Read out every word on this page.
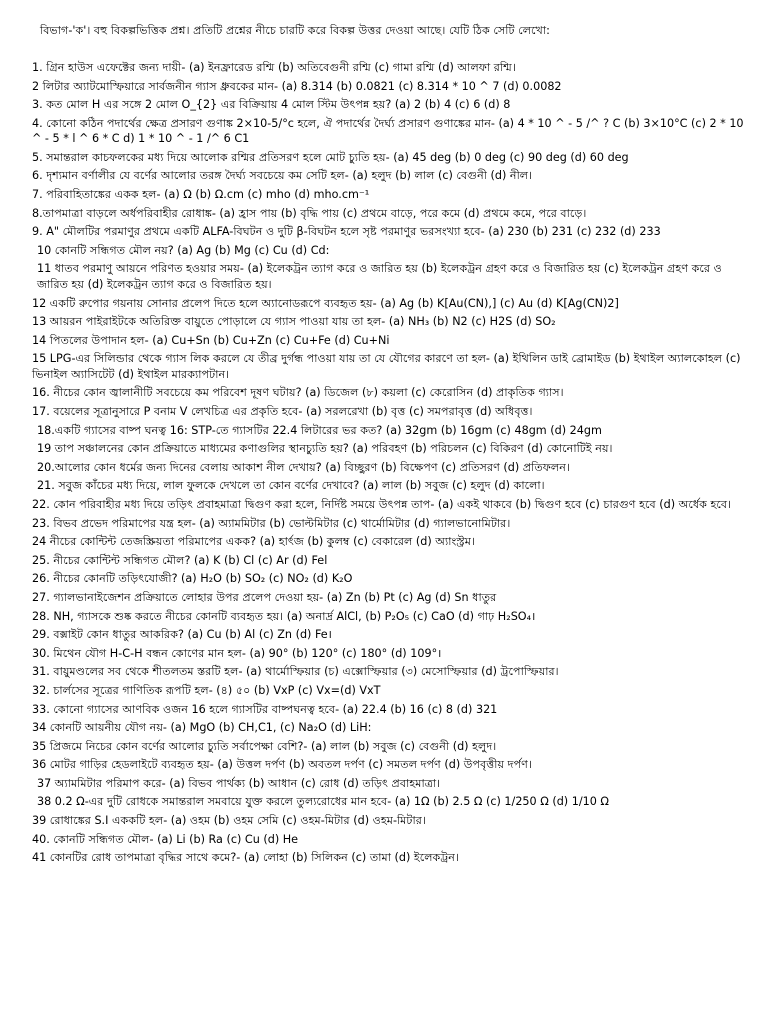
বিভাগ-'ক'। বহু বিকল্পভিত্তিক প্রশ্ন। প্রতিটি প্রশ্নের নীচে চারটি করে বিকল্প উত্তর দেওয়া আছে। যেটি ঠিক সেটি লেখো:
1. গ্রিন হাউস এফেক্টের জন্য দায়ী- (a) ইনফ্রারেড রশ্মি (b) অতিবেগুনী রশ্মি (c) গামা রশ্মি (d) আলফা রশ্মি।
2 লিটার অ্যাটমোস্ফিয়ারে সার্বজনীন গ্যাস ধ্রুবকের মান- (a) 8.314 (b) 0.0821 (c) 8.314 * 10 ^ 7 (d) 0.0082
3. কত মোল H এর সঙ্গে 2 মোল O_{2} এর বিক্রিয়ায় 4 মোল স্টিম উৎপন্ন হয়? (a) 2 (b) 4 (c) 6 (d) 8
4. কোনো কঠিন পদার্থের ক্ষেত্র প্রসারণ গুণাঙ্ক 2×10-5/°c হলে, ঐ পদার্থের দৈর্ঘ্য প্রসারণ গুণাঙ্কের মান- (a) 4 * 10 ^ - 5 /^ ? C (b) 3×10°C (c) 2 * 10 ^ - 5 * l ^ 6 * C d) 1 * 10 ^ - 1 /^ 6 C1
5. সমান্তরাল কাচফলকের মধ্য দিয়ে আলোক রশ্মির প্রতিসরণ হলে মোট চ্যুতি হয়- (a) 45 deg (b) 0 deg (c) 90 deg (d) 60 deg
6. দৃশ্যমান বর্ণালীর যে বর্ণের আলোর তরঙ্গ দৈর্ঘ্য সবচেয়ে কম সেটি হল- (a) হলুদ (b) লাল (c) বেগুনী (d) নীল।
7. পরিবাহিতাঙ্কের একক হল- (a) Ω (b) Ω.cm (c) mho (d) mho.cm⁻¹
8.তাপমাত্রা বাড়লে অর্ধপরিবাহীর রোধাঙ্ক- (a) হ্রাস পায় (b) বৃদ্ধি পায় (c) প্রথমে বাড়ে, পরে কমে (d) প্রথমে কমে, পরে বাড়ে।
9. A" মৌলটির পরমাণুর প্রথমে একটি ALFA-বিঘটন ও দুটি β-বিঘটন হলে সৃষ্ট পরমাণুর ভরসংখ্যা হবে- (a) 230 (b) 231 (c) 232 (d) 233
10 কোনটি সন্ধিগত মৌল নয়? (a) Ag (b) Mg (c) Cu (d) Cd:
11 ধাতব পরমাণু আয়নে পরিণত হওয়ার সময়- (a) ইলেকট্রন ত্যাগ করে ও জারিত হয় (b) ইলেকট্রন গ্রহণ করে ও বিজারিত হয় (c) ইলেকট্রন গ্রহণ করে ও জারিত হয় (d) ইলেকট্রন ত্যাগ করে ও বিজারিত হয়।
12 একটি রুপোর গয়নায় সোনার প্রলেপ দিতে হলে অ্যানোডরূপে ব্যবহৃত হয়- (a) Ag (b) K[Au(CN),] (c) Au (d) K[Ag(CN)2]
13 আয়রন পাইরাইটকে অতিরিক্ত বায়ুতে পোড়ালে যে গ্যাস পাওয়া যায় তা হল- (a) NH₃ (b) N2 (c) H2S (d) SO₂
14 পিতলের উপাদান হল- (a) Cu+Sn (b) Cu+Zn (c) Cu+Fe (d) Cu+Ni
15 LPG-এর সিলিন্ডার থেকে গ্যাস লিক করলে যে তীব্র দুর্গন্ধ পাওয়া যায় তা যে যৌগের কারণে তা হল- (a) ইথিলিন ডাই ব্রোমাইড (b) ইথাইল অ্যালকোহল (c) ভিনাইল অ্যাসিটেট (d) ইথাইল মারক্যাপটান।
16. নীচের কোন জ্বালানীটি সবচেয়ে কম পরিবেশ দূষণ ঘটায়? (a) ডিজেল (৮) কয়লা (c) কেরোসিন (d) প্রাকৃতিক গ্যাস।
17. বয়েলের সূত্রানুসারে P বনাম V লেখচিত্র এর প্রকৃতি হবে- (a) সরলরেখা (b) বৃত্ত (c) সমপরাবৃত্ত (d) অধিবৃত্ত।
18.একটি গ্যাসের বাষ্প ঘনত্ব 16: STP-তে গ্যাসটির 22.4 লিটারের ভর কত? (a) 32gm (b) 16gm (c) 48gm (d) 24gm
19 তাপ সঞ্চালনের কোন প্রক্রিয়াতে মাধ্যমের কণাগুলির স্থানচ্যুতি হয়? (a) পরিবহণ (b) পরিচলন (c) বিকিরণ (d) কোনোটিই নয়।
20.আলোর কোন ধর্মের জন্য দিনের বেলায় আকাশ নীল দেখায়? (a) বিচ্ছুরণ (b) বিক্ষেপণ (c) প্রতিসরণ (d) প্রতিফলন।
21. সবুজ কাঁচের মধ্য দিয়ে, লাল ফুলকে দেখলে তা কোন বর্ণের দেখাবে? (a) লাল (b) সবুজ (c) হলুদ (d) কালো।
22. কোন পরিবাহীর মধ্য দিয়ে তড়িৎ প্রবাহমাত্রা দ্বিগুণ করা হলে, নির্দিষ্ট সময়ে উৎপন্ন তাপ- (a) একই থাকবে (b) দ্বিগুণ হবে (c) চারগুণ হবে (d) অর্ধেক হবে।
23. বিভব প্রভেদ পরিমাপের যন্ত্র হল- (a) অ্যামমিটার (b) ভোল্টমিটার (c) থার্মোমিটার (d) গ্যালভানোমিটার।
24 নীচের কোন্টিন্ট তেজস্ক্রিয়তা পরিমাপের একক? (a) হার্ৎজ (b) কুলম্ব (c) বেকারেল (d) অ্যাংস্ট্রম।
25. নীচের কোন্টিন্ট সন্ধিগত মৌল? (a) K (b) Cl (c) Ar (d) Fel
26. নীচের কোনটি তড়িৎযোজী? (a) H₂O (b) SO₂ (c) NO₂ (d) K₂O
27. গ্যালভানাইজেশন প্রক্রিয়াতে লোহার উপর প্রলেপ দেওয়া হয়- (a) Zn (b) Pt (c) Ag (d) Sn ধাতুর
28. NH, গ্যাসকে শুষ্ক করতে নীচের কোনটি ব্যবহৃত হয়। (a) অনার্দ্র AlCl, (b) P₂O₅ (c) CaO (d) গাঢ় H₂SO₄।
29. বক্সাইট কোন ধাতুর আকরিক? (a) Cu (b) Al (c) Zn (d) Fe।
30. মিথেন যৌগ H-C-H বন্ধন কোণের মান হল- (a) 90° (b) 120° (c) 180° (d) 109°।
31. বায়ুমণ্ডলের সব থেকে শীতলতম স্তরটি হল- (a) থার্মোস্ফিয়ার (চ) এক্সোস্ফিয়ার (৩) মেসোস্ফিয়ার (d) ট্রপোস্ফিয়ার।
32. চার্লসের সূত্রের গাণিতিক রূপটি হল- (৪) ৫০ (b) VxP (c) Vx=(d) VxT
33. কোনো গ্যাসের আণবিক ওজন 16 হলে গ্যাসটির বাষ্পঘনত্ব হবে- (a) 22.4 (b) 16 (c) 8 (d) 321
34 কোনটি আয়নীয় যৌগ নয়- (a) MgO (b) CH,C1, (c) Na₂O (d) LiH:
35 প্রিজমে নিচের কোন বর্ণের আলোর চ্যুতি সর্বাপেক্ষা বেশি?- (a) লাল (b) সবুজ (c) বেগুনী (d) হলুদ।
36 মোটর গাড়ির হেডলাইটে ব্যবহৃত হয়- (a) উত্তল দর্পণ (b) অবতল দর্পণ (c) সমতল দর্পণ (d) উপবৃত্তীয় দর্পণ।
37 অ্যামমিটার পরিমাপ করে- (a) বিভব পার্থক্য (b) আধান (c) রোধ (d) তড়িৎ প্রবাহমাত্রা।
38 0.2 Ω-এর দুটি রোধকে সমান্তরাল সমবায়ে যুক্ত করলে তুল্যরোধের মান হবে- (a) 1Ω (b) 2.5 Ω (c) 1/250 Ω (d) 1/10 Ω
39 রোধাঙ্কের S.I এককটি হল- (a) ওহম (b) ওহম সেমি (c) ওহম-মিটার (d) ওহম-মিটার।
40. কোনটি সন্ধিগত মৌল- (a) Li (b) Ra (c) Cu (d) He
41 কোনটির রোধ তাপমাত্রা বৃদ্ধির সাথে কমে?- (a) লোহা (b) সিলিকন (c) তামা (d) ইলেকট্রন।
